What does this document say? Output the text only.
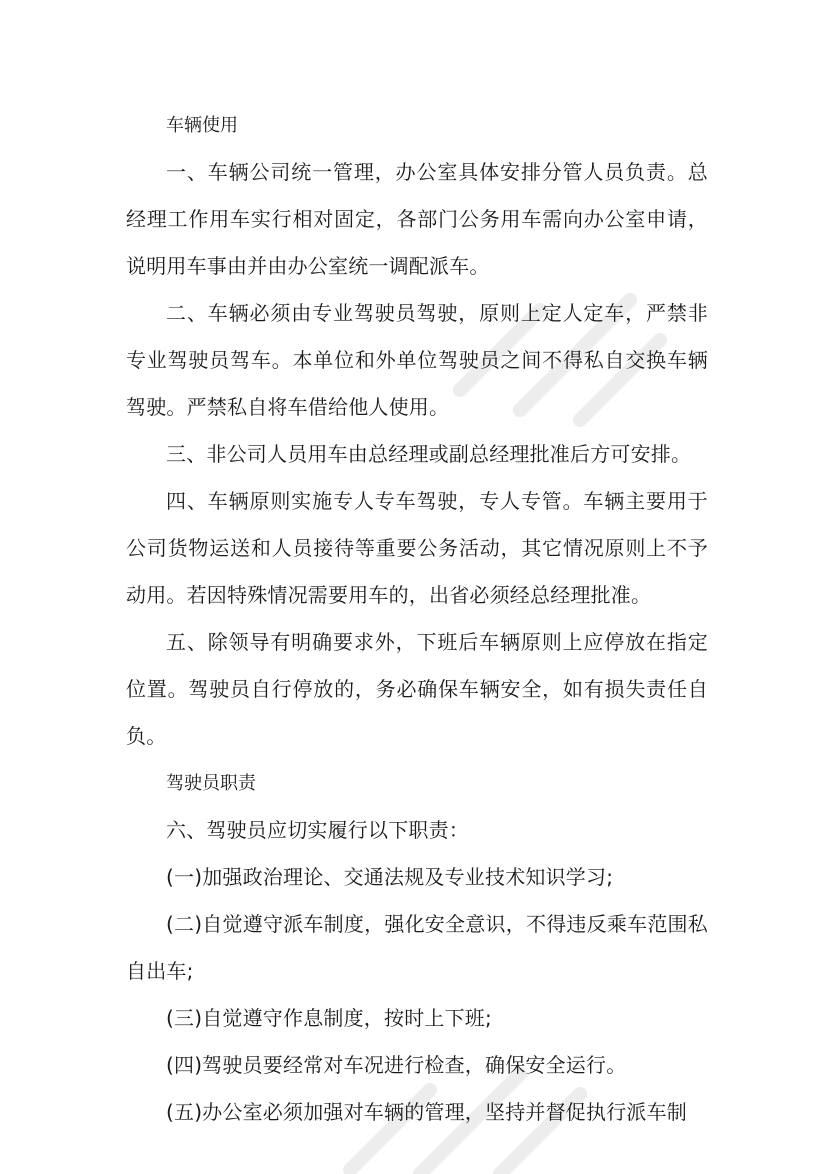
车辆使用

一、车辆公司统一管理，办公室具体安排分管人员负责。总经理工作用车实行相对固定，各部门公务用车需向办公室申请，说明用车事由并由办公室统一调配派车。

二、车辆必须由专业驾驶员驾驶，原则上定人定车，严禁非专业驾驶员驾车。本单位和外单位驾驶员之间不得私自交换车辆驾驶。严禁私自将车借给他人使用。

三、非公司人员用车由总经理或副总经理批准后方可安排。

四、车辆原则实施专人专车驾驶，专人专管。车辆主要用于公司货物运送和人员接待等重要公务活动，其它情况原则上不予动用。若因特殊情况需要用车的，出省必须经总经理批准。

五、除领导有明确要求外，下班后车辆原则上应停放在指定位置。驾驶员自行停放的，务必确保车辆安全，如有损失责任自负。

驾驶员职责

六、驾驶员应切实履行以下职责：

(一)加强政治理论、交通法规及专业技术知识学习;

(二)自觉遵守派车制度，强化安全意识，不得违反乘车范围私自出车;

(三)自觉遵守作息制度，按时上下班;

(四)驾驶员要经常对车况进行检查，确保安全运行。

(五)办公室必须加强对车辆的管理，坚持并督促执行派车制
